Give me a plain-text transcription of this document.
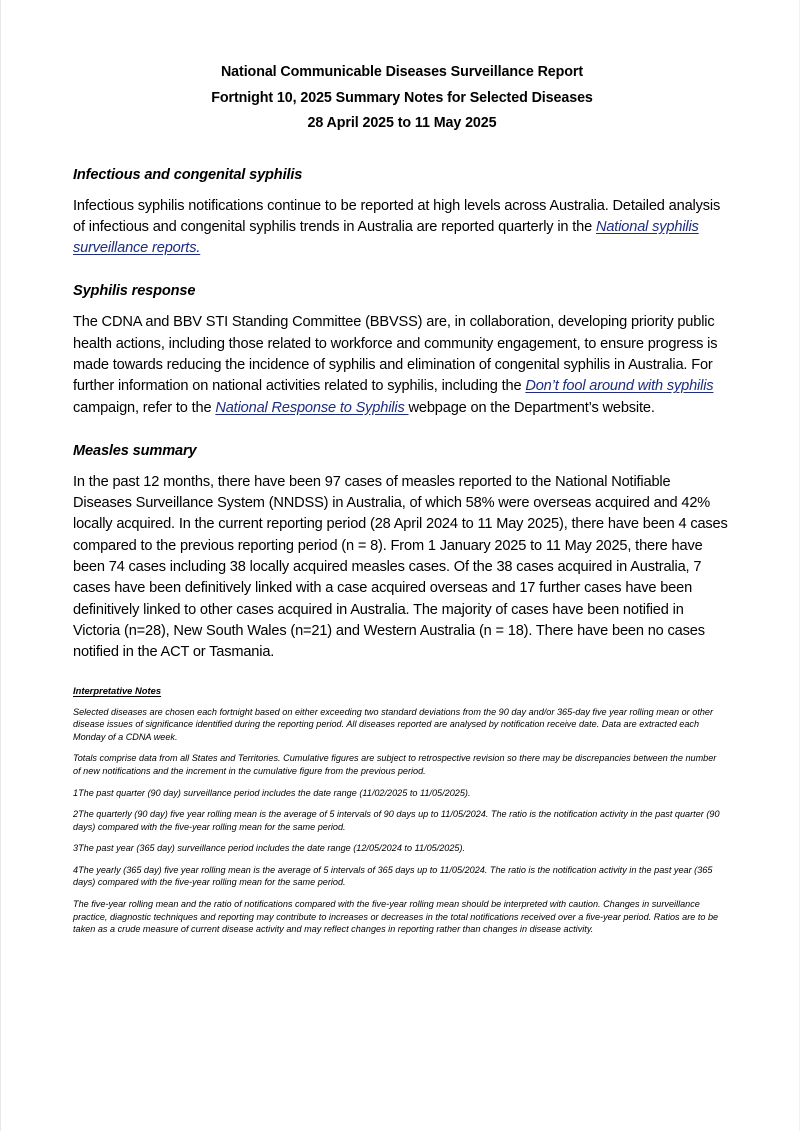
National Communicable Diseases Surveillance Report
Fortnight 10, 2025 Summary Notes for Selected Diseases
28 April 2025 to 11 May 2025
Infectious and congenital syphilis

Infectious syphilis notifications continue to be reported at high levels across Australia. Detailed analysis of infectious and congenital syphilis trends in Australia are reported quarterly in the National syphilis surveillance reports.

Syphilis response

The CDNA and BBV STI Standing Committee (BBVSS) are, in collaboration, developing priority public health actions, including those related to workforce and community engagement, to ensure progress is made towards reducing the incidence of syphilis and elimination of congenital syphilis in Australia. For further information on national activities related to syphilis, including the Don’t fool around with syphilis campaign, refer to the National Response to Syphilis webpage on the Department’s website.

Measles summary

In the past 12 months, there have been 97 cases of measles reported to the National Notifiable Diseases Surveillance System (NNDSS) in Australia, of which 58% were overseas acquired and 42% locally acquired. In the current reporting period (28 April 2024 to 11 May 2025), there have been 4 cases compared to the previous reporting period (n = 8). From 1 January 2025 to 11 May 2025, there have been 74 cases including 38 locally acquired measles cases. Of the 38 cases acquired in Australia, 7 cases have been definitively linked with a case acquired overseas and 17 further cases have been definitively linked to other cases acquired in Australia. The majority of cases have been notified in Victoria (n=28), New South Wales (n=21) and Western Australia (n = 18). There have been no cases notified in the ACT or Tasmania.

Interpretative Notes

Selected diseases are chosen each fortnight based on either exceeding two standard deviations from the 90 day and/or 365-day five year rolling mean or other disease issues of significance identified during the reporting period. All diseases reported are analysed by notification receive date. Data are extracted each Monday of a CDNA week.

Totals comprise data from all States and Territories. Cumulative figures are subject to retrospective revision so there may be discrepancies between the number of new notifications and the increment in the cumulative figure from the previous period.

1The past quarter (90 day) surveillance period includes the date range (11/02/2025 to 11/05/2025).

2The quarterly (90 day) five year rolling mean is the average of 5 intervals of 90 days up to 11/05/2024. The ratio is the notification activity in the past quarter (90 days) compared with the five-year rolling mean for the same period.

3The past year (365 day) surveillance period includes the date range (12/05/2024 to 11/05/2025).

4The yearly (365 day) five year rolling mean is the average of 5 intervals of 365 days up to 11/05/2024. The ratio is the notification activity in the past year (365 days) compared with the five-year rolling mean for the same period.

The five-year rolling mean and the ratio of notifications compared with the five-year rolling mean should be interpreted with caution. Changes in surveillance practice, diagnostic techniques and reporting may contribute to increases or decreases in the total notifications received over a five-year period. Ratios are to be taken as a crude measure of current disease activity and may reflect changes in reporting rather than changes in disease activity.
